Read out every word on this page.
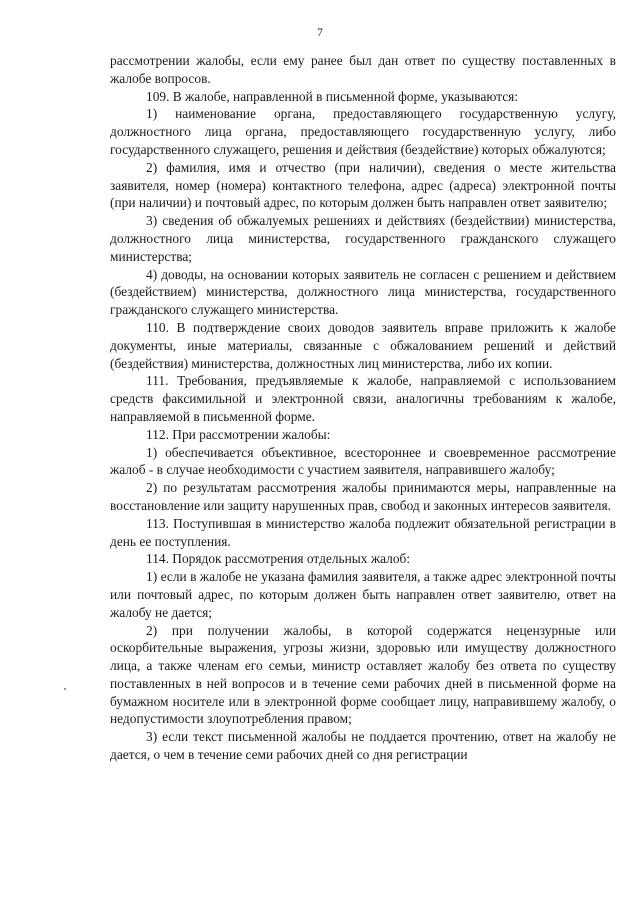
7

рассмотрении жалобы, если ему ранее был дан ответ по существу поставленных в жалобе вопросов.

109. В жалобе, направленной в письменной форме, указываются:

1) наименование органа, предоставляющего государственную услугу, должностного лица органа, предоставляющего государственную услугу, либо государственного служащего, решения и действия (бездействие) которых обжалуются;

2) фамилия, имя и отчество (при наличии), сведения о месте жительства заявителя, номер (номера) контактного телефона, адрес (адреса) электронной почты (при наличии) и почтовый адрес, по которым должен быть направлен ответ заявителю;

3) сведения об обжалуемых решениях и действиях (бездействии) министерства, должностного лица министерства, государственного гражданского служащего министерства;

4) доводы, на основании которых заявитель не согласен с решением и действием (бездействием) министерства, должностного лица министерства, государственного гражданского служащего министерства.

110. В подтверждение своих доводов заявитель вправе приложить к жалобе документы, иные материалы, связанные с обжалованием решений и действий (бездействия) министерства, должностных лиц министерства, либо их копии.

111. Требования, предъявляемые к жалобе, направляемой с использованием средств факсимильной и электронной связи, аналогичны требованиям к жалобе, направляемой в письменной форме.

112. При рассмотрении жалобы:

1) обеспечивается объективное, всестороннее и своевременное рассмотрение жалоб - в случае необходимости с участием заявителя, направившего жалобу;

2) по результатам рассмотрения жалобы принимаются меры, направленные на восстановление или защиту нарушенных прав, свобод и законных интересов заявителя.

113. Поступившая в министерство жалоба подлежит обязательной регистрации в день ее поступления.

114. Порядок рассмотрения отдельных жалоб:

1) если в жалобе не указана фамилия заявителя, а также адрес электронной почты или почтовый адрес, по которым должен быть направлен ответ заявителю, ответ на жалобу не дается;

2) при получении жалобы, в которой содержатся нецензурные или оскорбительные выражения, угрозы жизни, здоровью или имуществу должностного лица, а также членам его семьи, министр оставляет жалобу без ответа по существу поставленных в ней вопросов и в течение семи рабочих дней в письменной форме на бумажном носителе или в электронной форме сообщает лицу, направившему жалобу, о недопустимости злоупотребления правом;

3) если текст письменной жалобы не поддается прочтению, ответ на жалобу не дается, о чем в течение семи рабочих дней со дня регистрации
